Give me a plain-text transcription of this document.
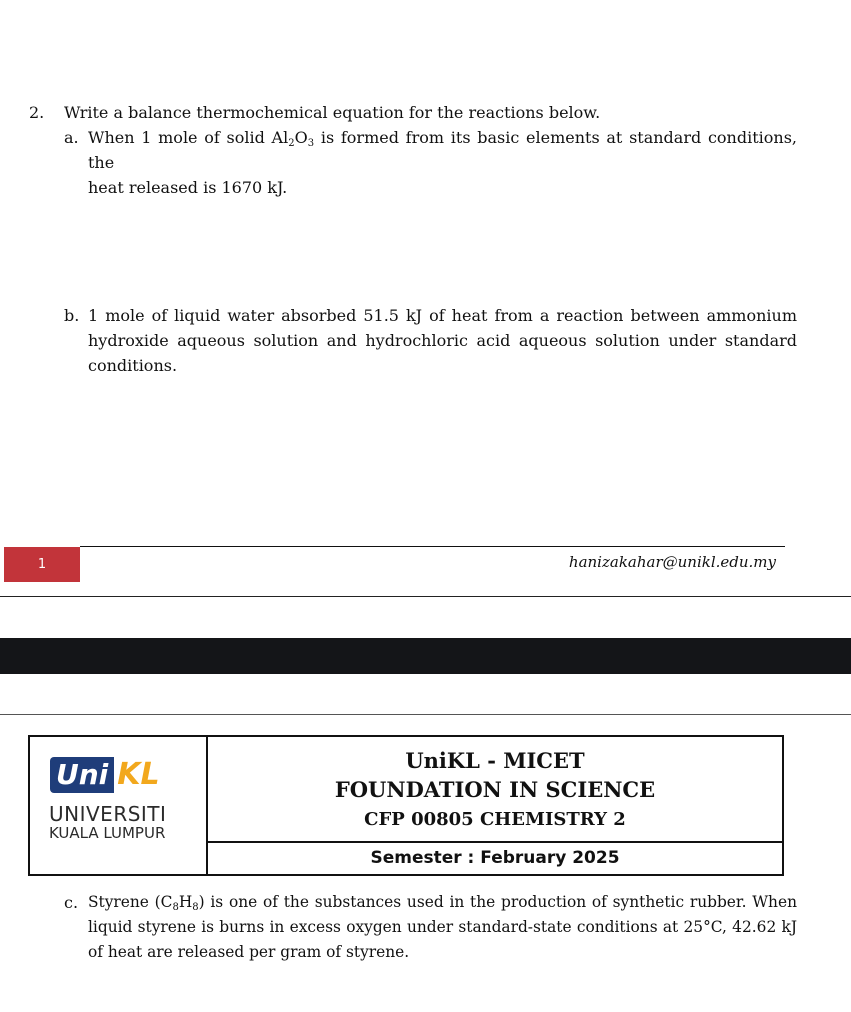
2. Write a balance thermochemical equation for the reactions below.
a. When 1 mole of solid $Al_2O_3$ is formed from its basic elements at standard conditions, the
heat released is 1670 kJ.
b. 1 mole of liquid water absorbed 51.5 kJ of heat from a reaction between ammonium
hydroxide aqueous solution and hydrochloric acid aqueous solution under standard
conditions.
1	hanizakahar@unikl.edu.my
Uni KL
UNIVERSITI
KUALA LUMPUR
UniKL - MICET
FOUNDATION IN SCIENCE
CFP 00805 CHEMISTRY 2
Semester : February 2025
c. Styrene $(C_8H_8)$ is one of the substances used in the production of synthetic rubber. When
liquid styrene is burns in excess oxygen under standard-state conditions at 25°C, 42.62 kJ
of heat are released per gram of styrene.
